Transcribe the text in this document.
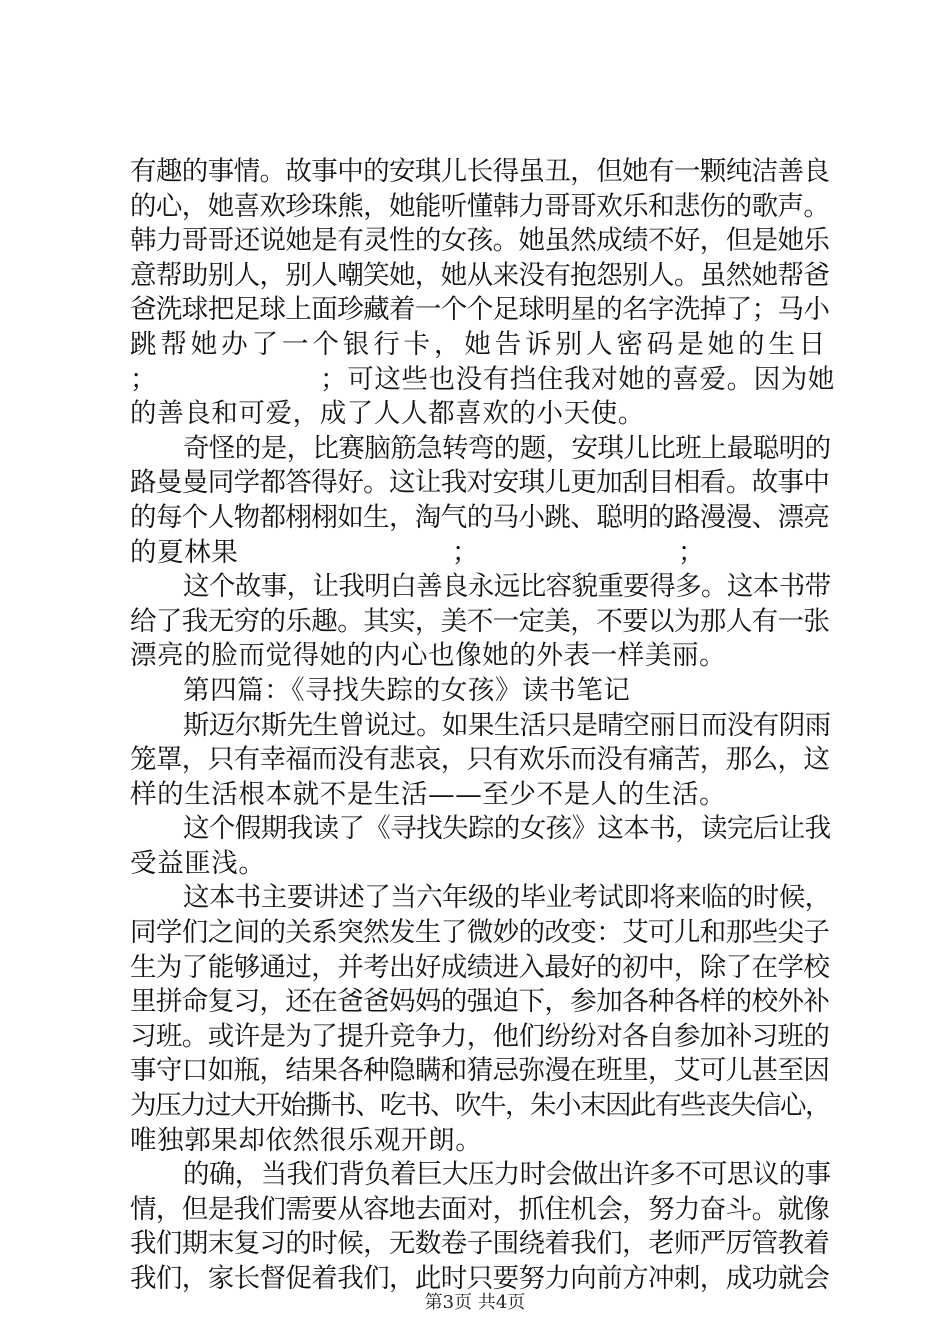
有趣的事情。故事中的安琪儿长得虽丑，但她有一颗纯洁善良
的心，她喜欢珍珠熊，她能听懂韩力哥哥欢乐和悲伤的歌声。
韩力哥哥还说她是有灵性的女孩。她虽然成绩不好，但是她乐
意帮助别人，别人嘲笑她，她从来没有抱怨别人。虽然她帮爸
爸洗球把足球上面珍藏着一个个足球明星的名字洗掉了；马小
跳帮她办了一个银行卡，她告诉别人密码是她的生日
；	；可这些也没有挡住我对她的喜爱。因为她
的善良和可爱，成了人人都喜欢的小天使。
奇怪的是，比赛脑筋急转弯的题，安琪儿比班上最聪明的
路曼曼同学都答得好。这让我对安琪儿更加刮目相看。故事中
的每个人物都栩栩如生，淘气的马小跳、聪明的路漫漫、漂亮
的夏林果	；	；
这个故事，让我明白善良永远比容貌重要得多。这本书带
给了我无穷的乐趣。其实，美不一定美，不要以为那人有一张
漂亮的脸而觉得她的内心也像她的外表一样美丽。
第四篇：《寻找失踪的女孩》读书笔记
斯迈尔斯先生曾说过。如果生活只是晴空丽日而没有阴雨
笼罩，只有幸福而没有悲哀，只有欢乐而没有痛苦，那么，这
样的生活根本就不是生活——至少不是人的生活。
这个假期我读了《寻找失踪的女孩》这本书，读完后让我
受益匪浅。
这本书主要讲述了当六年级的毕业考试即将来临的时候，
同学们之间的关系突然发生了微妙的改变：艾可儿和那些尖子
生为了能够通过，并考出好成绩进入最好的初中，除了在学校
里拼命复习，还在爸爸妈妈的强迫下，参加各种各样的校外补
习班。或许是为了提升竞争力，他们纷纷对各自参加补习班的
事守口如瓶，结果各种隐瞒和猜忌弥漫在班里，艾可儿甚至因
为压力过大开始撕书、吃书、吹牛，朱小末因此有些丧失信心，
唯独郭果却依然很乐观开朗。
的确，当我们背负着巨大压力时会做出许多不可思议的事
情，但是我们需要从容地去面对，抓住机会，努力奋斗。就像
我们期末复习的时候，无数卷子围绕着我们，老师严厉管教着
我们，家长督促着我们，此时只要努力向前方冲刺，成功就会
第3页 共4页
